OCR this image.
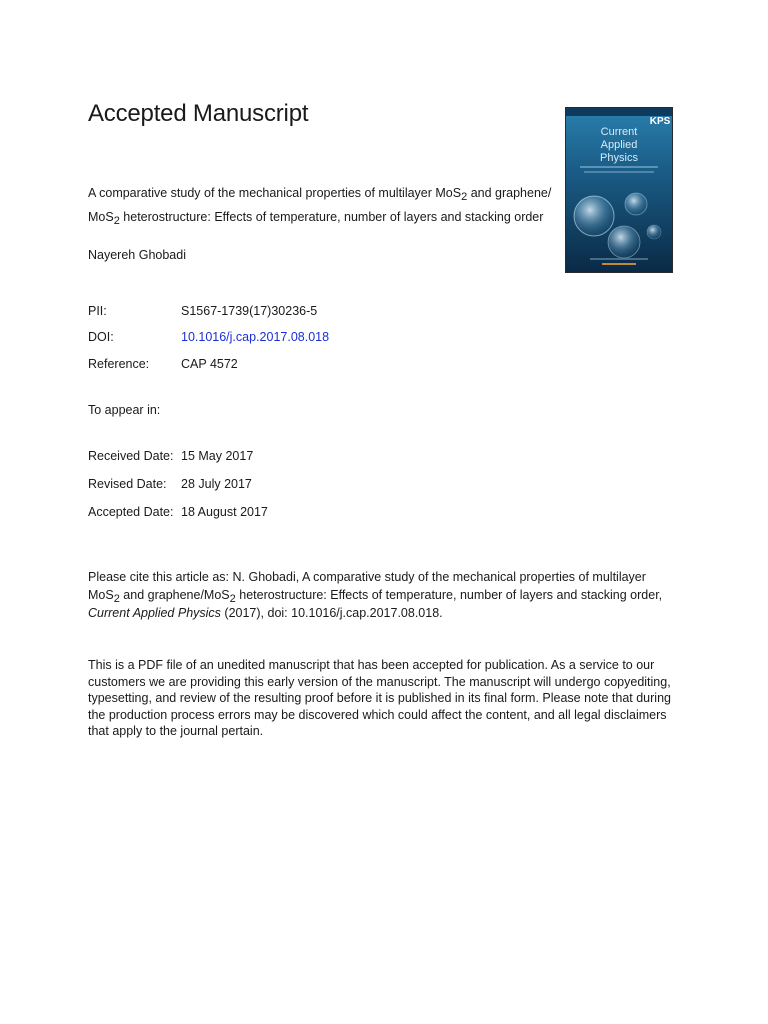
Accepted Manuscript
A comparative study of the mechanical properties of multilayer MoS$_2$ and graphene/ MoS$_2$ heterostructure: Effects of temperature, number of layers and stacking order
Nayereh Ghobadi
PII:	S1567-1739(17)30236-5
DOI:	10.1016/j.cap.2017.08.018
Reference:	CAP 4572
To appear in:
Received Date: 15 May 2017
Revised Date: 28 July 2017
Accepted Date: 18 August 2017
Please cite this article as: N. Ghobadi, A comparative study of the mechanical properties of multilayer MoS$_2$ and graphene/MoS$_2$ heterostructure: Effects of temperature, number of layers and stacking order, Current Applied Physics (2017), doi: 10.1016/j.cap.2017.08.018.
This is a PDF file of an unedited manuscript that has been accepted for publication. As a service to our customers we are providing this early version of the manuscript. The manuscript will undergo copyediting, typesetting, and review of the resulting proof before it is published in its final form. Please note that during the production process errors may be discovered which could affect the content, and all legal disclaimers that apply to the journal pertain.
KPS
Current
Applied
Physics
